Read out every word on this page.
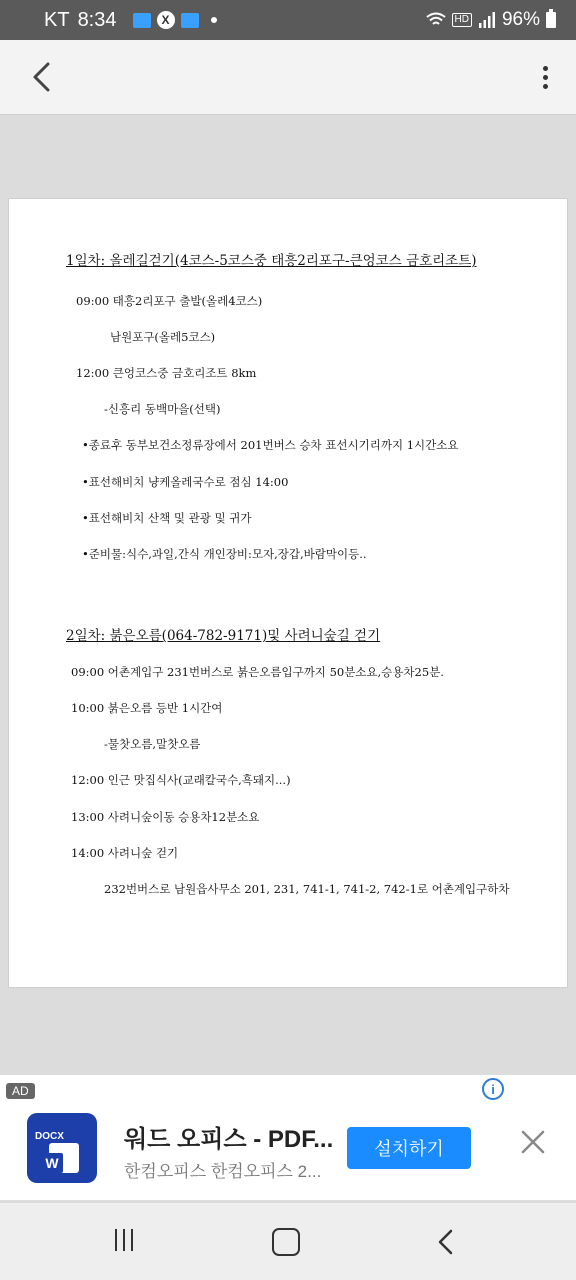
KT 8:34	X	HD 96%
1일차: 올레길걷기(4코스-5코스중 태흥2리포구-큰엉코스 금호리조트)
09:00 태흥2리포구 출발(올레4코스)
남원포구(올레5코스)
12:00 큰엉코스중 금호리조트 8km
-신흥리 동백마을(선택)
•종료후 동부보건소정류장에서 201번버스 승차 표선시기리까지 1시간소요
•표선해비치 냥케올레국수로 점심 14:00
•표선해비치 산책 및 관광 및 귀가
•준비물:식수,과일,간식 개인장비:모자,장갑,바람막이등..
2일차: 붉은오름(064-782-9171)및 사려니숲길 걷기
09:00 어촌계입구 231번버스로 붉은오름입구까지 50분소요,승용차25분.
10:00 붉은오름 등반 1시간여
-물찻오름,말찻오름
12:00 인근 맛집식사(교래칼국수,흑돼지...)
13:00 사려니숲이동 승용차12분소요
14:00 사려니숲 걷기
232번버스로 남원읍사무소 201, 231, 741-1, 741-2, 742-1로 어촌계입구하차
AD	i
DOCX
W
워드 오피스 - PDF...
한컴오피스 한컴오피스 2...
설치하기
